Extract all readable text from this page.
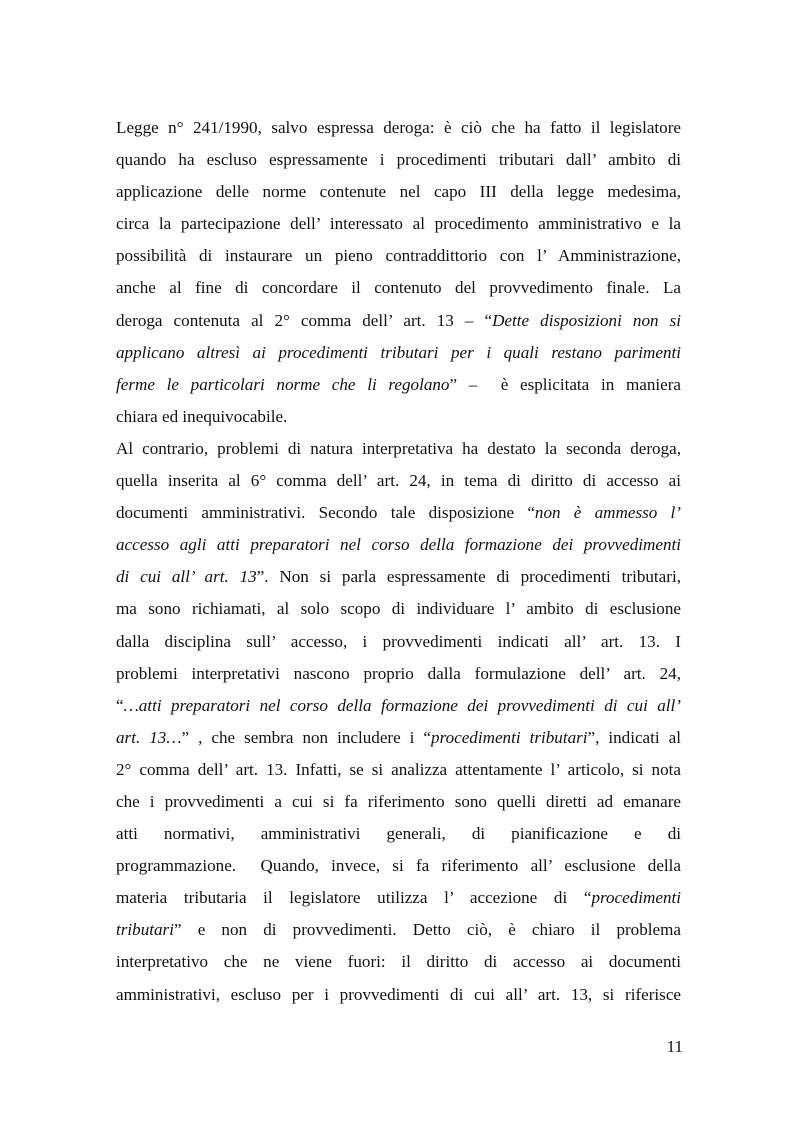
Legge n° 241/1990, salvo espressa deroga: è ciò che ha fatto il legislatore
quando ha escluso espressamente i procedimenti tributari dall’ ambito di
applicazione delle norme contenute nel capo III della legge medesima,
circa la partecipazione dell’ interessato al procedimento amministrativo e la
possibilità di instaurare un pieno contraddittorio con l’ Amministrazione,
anche al fine di concordare il contenuto del provvedimento finale. La
deroga contenuta al 2° comma dell’ art. 13 – “Dette disposizioni non si
applicano altresì ai procedimenti tributari per i quali restano parimenti
ferme le particolari norme che li regolano” –  è esplicitata in maniera
chiara ed inequivocabile.
Al contrario, problemi di natura interpretativa ha destato la seconda deroga,
quella inserita al 6° comma dell’ art. 24, in tema di diritto di accesso ai
documenti amministrativi. Secondo tale disposizione “non è ammesso l’
accesso agli atti preparatori nel corso della formazione dei provvedimenti
di cui all’ art. 13”. Non si parla espressamente di procedimenti tributari,
ma sono richiamati, al solo scopo di individuare l’ ambito di esclusione
dalla disciplina sull’ accesso, i provvedimenti indicati all’ art. 13. I
problemi interpretativi nascono proprio dalla formulazione dell’ art. 24,
“…atti preparatori nel corso della formazione dei provvedimenti di cui all’
art. 13…” , che sembra non includere i “procedimenti tributari”, indicati al
2° comma dell’ art. 13. Infatti, se si analizza attentamente l’ articolo, si nota
che i provvedimenti a cui si fa riferimento sono quelli diretti ad emanare
atti normativi, amministrativi generali, di pianificazione e di
programmazione.  Quando, invece, si fa riferimento all’ esclusione della
materia tributaria il legislatore utilizza l’ accezione di “procedimenti
tributari” e non di provvedimenti. Detto ciò, è chiaro il problema
interpretativo che ne viene fuori: il diritto di accesso ai documenti
amministrativi, escluso per i provvedimenti di cui all’ art. 13, si riferisce
11
